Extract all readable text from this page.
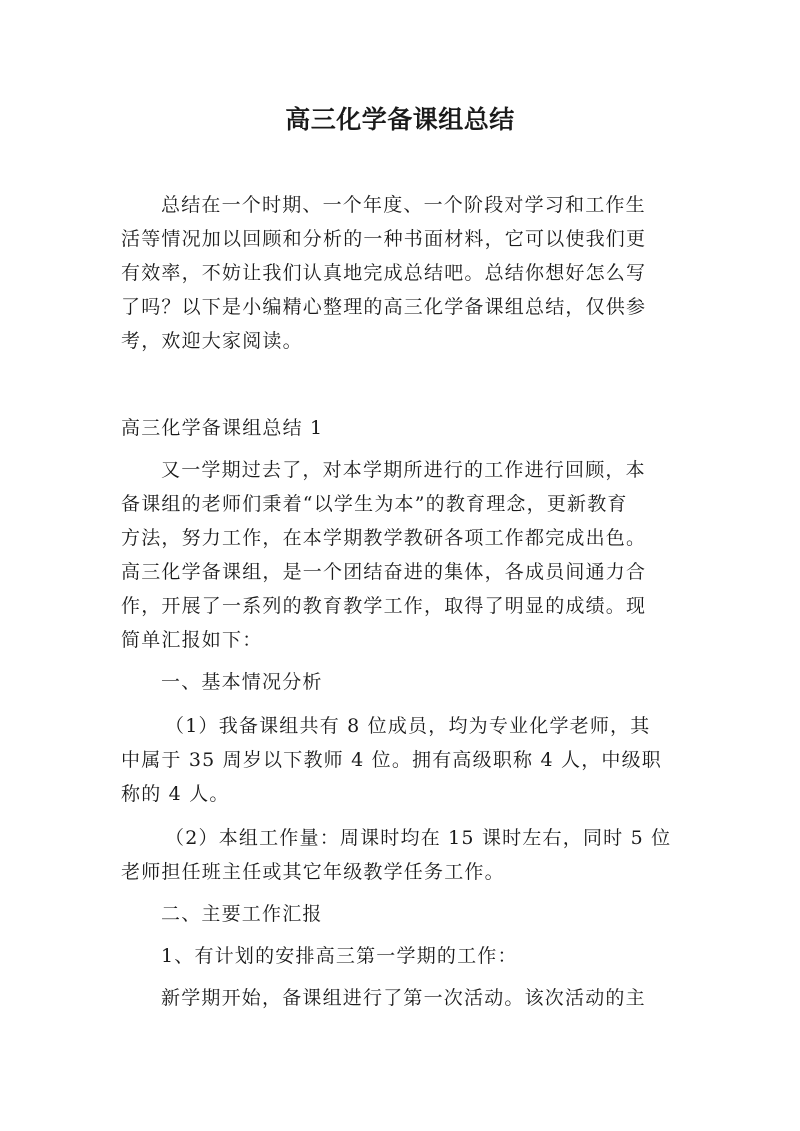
高三化学备课组总结
总结在一个时期、一个年度、一个阶段对学习和工作生
活等情况加以回顾和分析的一种书面材料，它可以使我们更
有效率，不妨让我们认真地完成总结吧。总结你想好怎么写
了吗？以下是小编精心整理的高三化学备课组总结，仅供参
考，欢迎大家阅读。
高三化学备课组总结 1
又一学期过去了，对本学期所进行的工作进行回顾，本
备课组的老师们秉着“以学生为本”的教育理念，更新教育
方法，努力工作，在本学期教学教研各项工作都完成出色。
高三化学备课组，是一个团结奋进的集体，各成员间通力合
作，开展了一系列的教育教学工作，取得了明显的成绩。现
简单汇报如下：
一、基本情况分析
（1）我备课组共有 8 位成员，均为专业化学老师，其
中属于 35 周岁以下教师 4 位。拥有高级职称 4 人，中级职
称的 4 人。
（2）本组工作量：周课时均在 15 课时左右，同时 5 位
老师担任班主任或其它年级教学任务工作。
二、主要工作汇报
1、有计划的安排高三第一学期的工作：
新学期开始，备课组进行了第一次活动。该次活动的主
